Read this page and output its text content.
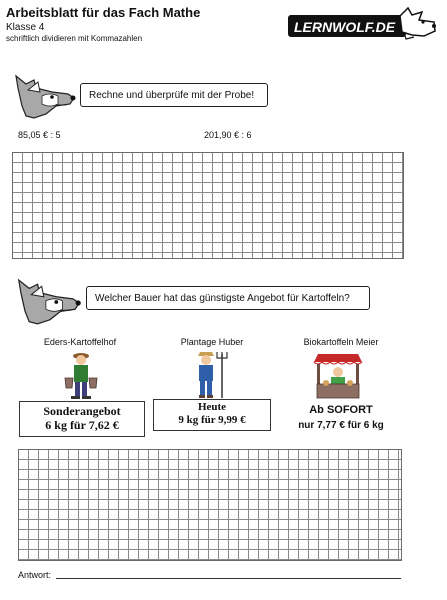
Arbeitsblatt für das Fach Mathe
Klasse 4
schriftlich dividieren mit Kommazahlen
LERNWOLF.DE
Rechne und überprüfe mit der Probe!
85,05 € : 5	201,90 € : 6
Welcher Bauer hat das günstigste Angebot für Kartoffeln?
Eders-Kartoffelhof
Sonderangebot
6 kg für 7,62 €
Plantage Huber
Heute
9 kg für 9,99 €
Biokartoffeln Meier
Ab SOFORT
nur 7,77 € für 6 kg
Antwort:
